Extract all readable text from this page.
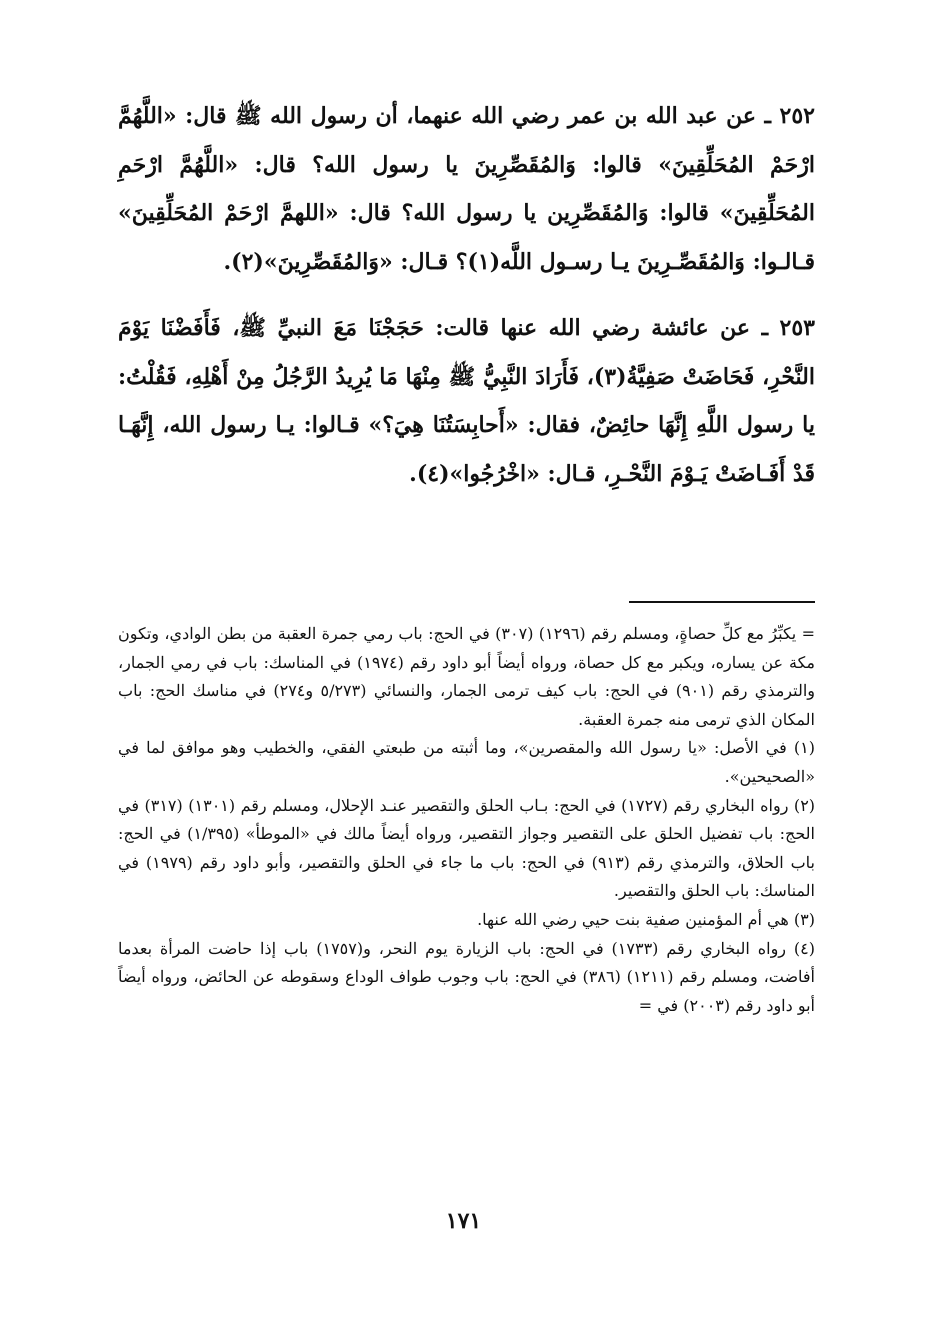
٢٥٢ ـ عن عبد الله بن عمر رضي الله عنهما، أن رسول الله ﷺ قال: «اللَّهُمَّ ارْحَمْ المُحَلِّقِينَ» قالوا: وَالمُقَصِّرِينَ يا رسول الله؟ قال: «اللَّهُمَّ ارْحَمِ المُحَلِّقِينَ» قالوا: وَالمُقَصِّرِين يا رسول الله؟ قال: «اللهمَّ ارْحَمْ المُحَلِّقِينَ» قـالـوا: وَالمُقَصِّـرِينَ يـا رسـول اللَّه(١)؟ قـال: «وَالمُقَصِّرِينَ»(٢).

٢٥٣ ـ عن عائشة رضي الله عنها قالت: حَجَجْنَا مَعَ النبيِّ ﷺ، فَأَفَضْنَا يَوْمَ النَّحْرِ، فَحَاضَتْ صَفِيَّةُ(٣)، فَأَرَادَ النَّبِيُّ ﷺ مِنْهَا مَا يُرِيدُ الرَّجُلُ مِنْ أَهْلِهِ، فَقُلْتُ: يا رسول اللَّهِ إِنَّهَا حائِضٌ، فقال: «أَحابِسَتُنَا هِيَ؟» قـالوا: يـا رسول الله، إِنَّهَـا قَدْ أَفَـاضَتْ يَـوْمَ النَّحْـرِ، قـال: «اخْرُجُوا»(٤).

= يكبِّرُ مع كلِّ حصاةٍ، ومسلم رقم (١٢٩٦) (٣٠٧) في الحج: باب رمي جمرة العقبة من بطن الوادي، وتكون مكة عن يساره، ويكبر مع كل حصاة، ورواه أيضاً أبو داود رقم (١٩٧٤) في المناسك: باب في رمي الجمار، والترمذي رقم (٩٠١) في الحج: باب كيف ترمى الجمار، والنسائي (٥/٢٧٣ و٢٧٤) في مناسك الحج: باب المكان الذي ترمى منه جمرة العقبة.

(١) في الأصل: «يا رسول الله والمقصرين»، وما أثبته من طبعتي الفقي، والخطيب وهو موافق لما في «الصحيحين».

(٢) رواه البخاري رقم (١٧٢٧) في الحج: بـاب الحلق والتقصير عنـد الإحلال، ومسلم رقم (١٣٠١) (٣١٧) في الحج: باب تفضيل الحلق على التقصير وجواز التقصير، ورواه أيضاً مالك في «الموطأ» (١/٣٩٥) في الحج: باب الحلاق، والترمذي رقم (٩١٣) في الحج: باب ما جاء في الحلق والتقصير، وأبو داود رقم (١٩٧٩) في المناسك: باب الحلق والتقصير.

(٣) هي أم المؤمنين صفية بنت حيي رضي الله عنها.

(٤) رواه البخاري رقم (١٧٣٣) في الحج: باب الزيارة يوم النحر، و(١٧٥٧) باب إذا حاضت المرأة بعدما أفاضت، ومسلم رقم (١٢١١) (٣٨٦) في الحج: باب وجوب طواف الوداع وسقوطه عن الحائض، ورواه أيضاً أبو داود رقم (٢٠٠٣) في =

١٧١
